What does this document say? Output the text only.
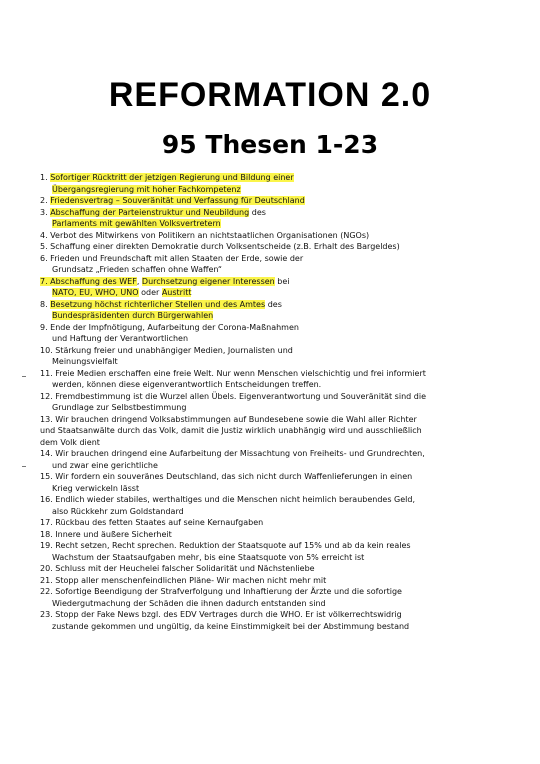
REFORMATION 2.0
95 Thesen 1-23
1. Sofortiger Rücktritt der jetzigen Regierung und Bildung einer
Übergangsregierung mit hoher Fachkompetenz
2. Friedensvertrag – Souveränität und Verfassung für Deutschland
3. Abschaffung der Parteienstruktur und Neubildung des
Parlaments mit gewählten Volksvertretern
4. Verbot des Mitwirkens von Politikern an nichtstaatlichen Organisationen (NGOs)
5. Schaffung einer direkten Demokratie durch Volksentscheide (z.B. Erhalt des Bargeldes)
6. Frieden und Freundschaft mit allen Staaten der Erde, sowie der
Grundsatz „Frieden schaffen ohne Waffen“
7. Abschaffung des WEF, Durchsetzung eigener Interessen bei
NATO, EU, WHO, UNO oder Austritt
8. Besetzung höchst richterlicher Stellen und des Amtes des
Bundespräsidenten durch Bürgerwahlen
9. Ende der Impfnötigung, Aufarbeitung der Corona-Maßnahmen
und Haftung der Verantwortlichen
10. Stärkung freier und unabhängiger Medien, Journalisten und
Meinungsvielfalt
11. Freie Medien erschaffen eine freie Welt. Nur wenn Menschen vielschichtig und frei informiert
werden, können diese eigenverantwortlich Entscheidungen treffen.
12. Fremdbestimmung ist die Wurzel allen Übels. Eigenverantwortung und Souveränität sind die
Grundlage zur Selbstbestimmung
13. Wir brauchen dringend Volksabstimmungen auf Bundesebene sowie die Wahl aller Richter
und Staatsanwälte durch das Volk, damit die Justiz wirklich unabhängig wird und ausschließlich
dem Volk dient
14. Wir brauchen dringend eine Aufarbeitung der Missachtung von Freiheits- und Grundrechten,
und zwar eine gerichtliche
15. Wir fordern ein souveränes Deutschland, das sich nicht durch Waffenlieferungen in einen
Krieg verwickeln lässt
16. Endlich wieder stabiles, werthaltiges und die Menschen nicht heimlich beraubendes Geld,
also Rückkehr zum Goldstandard
17. Rückbau des fetten Staates auf seine Kernaufgaben
18. Innere und äußere Sicherheit
19. Recht setzen, Recht sprechen. Reduktion der Staatsquote auf 15% und ab da kein reales
Wachstum der Staatsaufgaben mehr, bis eine Staatsquote von 5% erreicht ist
20. Schluss mit der Heuchelei falscher Solidarität und Nächstenliebe
21. Stopp aller menschenfeindlichen Pläne- Wir machen nicht mehr mit
22. Sofortige Beendigung der Strafverfolgung und Inhaftierung der Ärzte und die sofortige
Wiedergutmachung der Schäden die ihnen dadurch entstanden sind
23. Stopp der Fake News bzgl. des EDV Vertrages durch die WHO. Er ist völkerrechtswidrig
zustande gekommen und ungültig, da keine Einstimmigkeit bei der Abstimmung bestand
